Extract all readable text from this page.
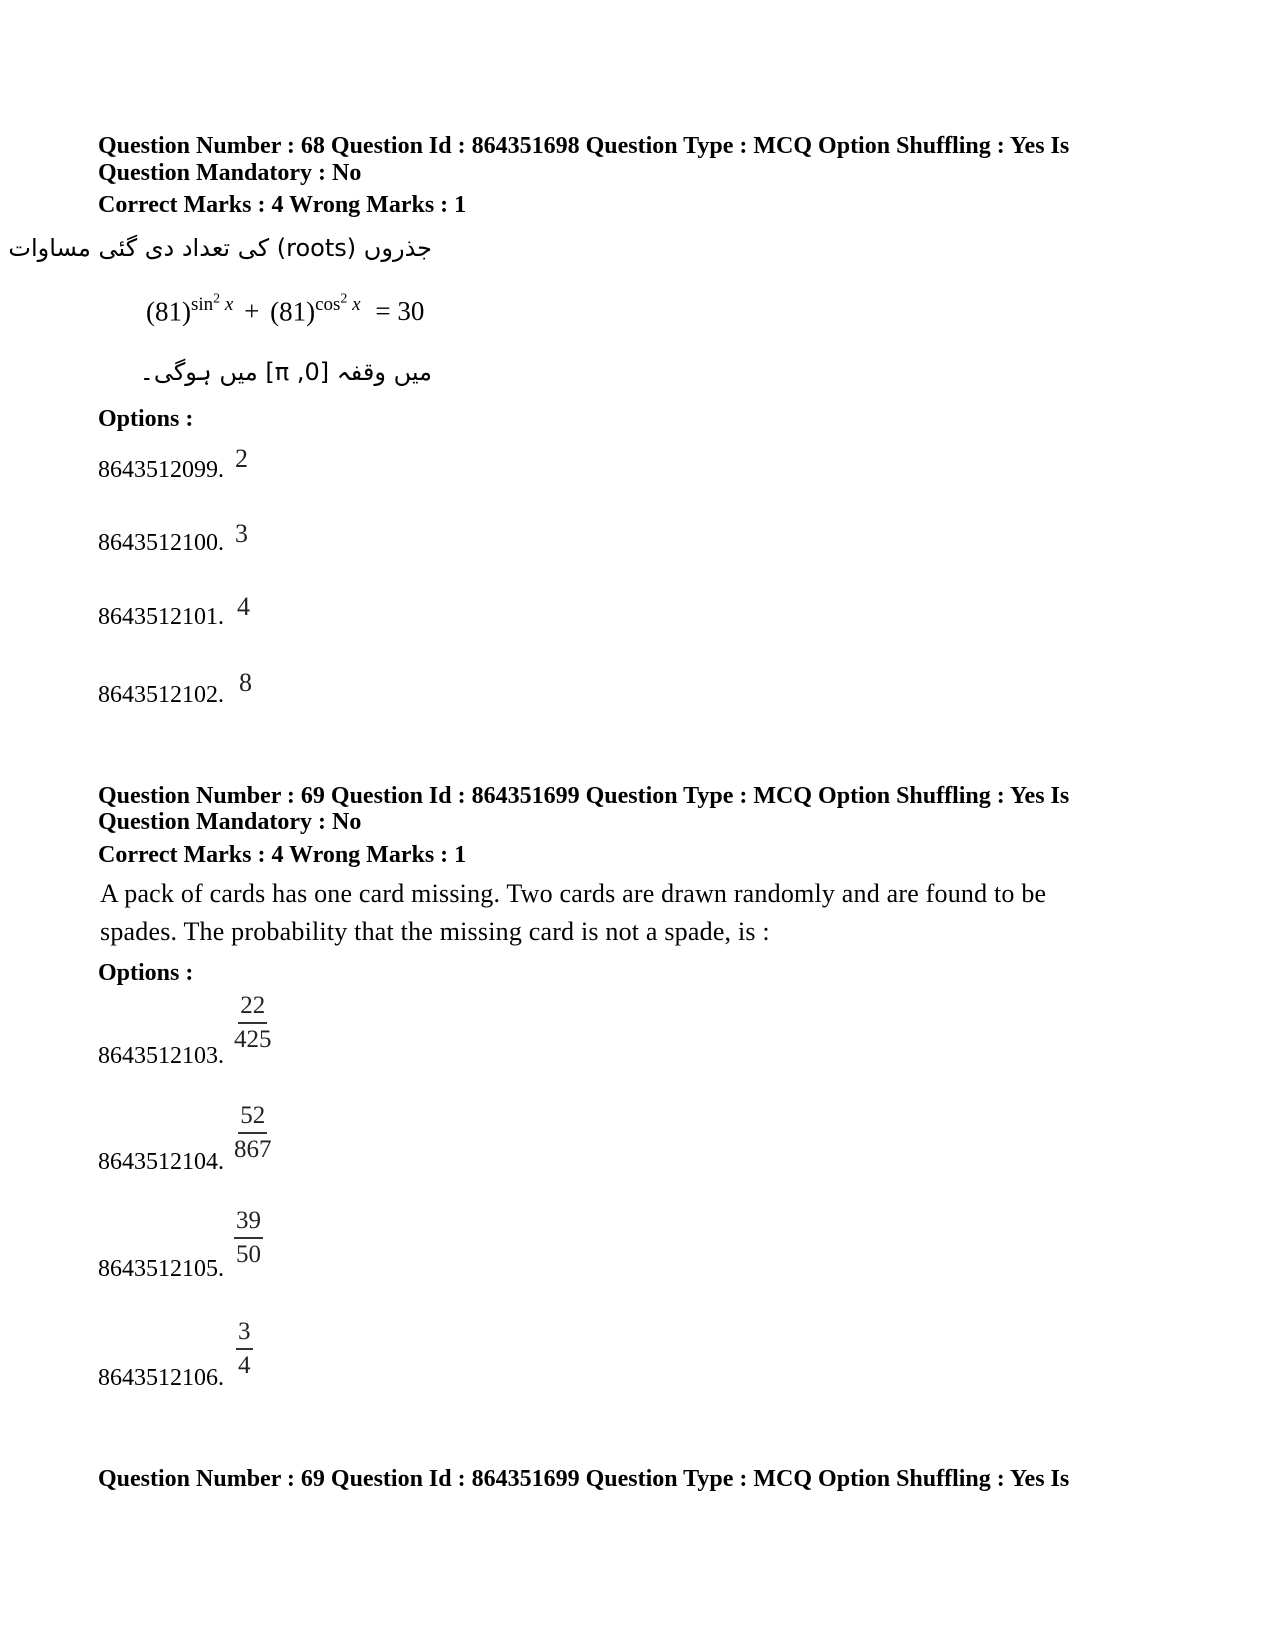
Question Number : 68 Question Id : 864351698 Question Type : MCQ Option Shuffling : Yes Is
Question Mandatory : No
Correct Marks : 4 Wrong Marks : 1
جذروں (roots) کی تعداد دی گئی مساوات
$(81)^{sin^2 x} + (81)^{cos^2 x} = 30$
میں وقفہ [0, π] میں ہوگی۔
Options :
8643512099. 2
8643512100. 3
8643512101. 4
8643512102. 8
Question Number : 69 Question Id : 864351699 Question Type : MCQ Option Shuffling : Yes Is
Question Mandatory : No
Correct Marks : 4 Wrong Marks : 1
A pack of cards has one card missing. Two cards are drawn randomly and are found to be
spades. The probability that the missing card is not a spade, is :
Options :
8643512103.
$\frac{22}{425}$
8643512104. $\frac{52}{867}$
8643512105. $\frac{39}{50}$
8643512106. $\frac{3}{4}$
Question Number : 69 Question Id : 864351699 Question Type : MCQ Option Shuffling : Yes Is
